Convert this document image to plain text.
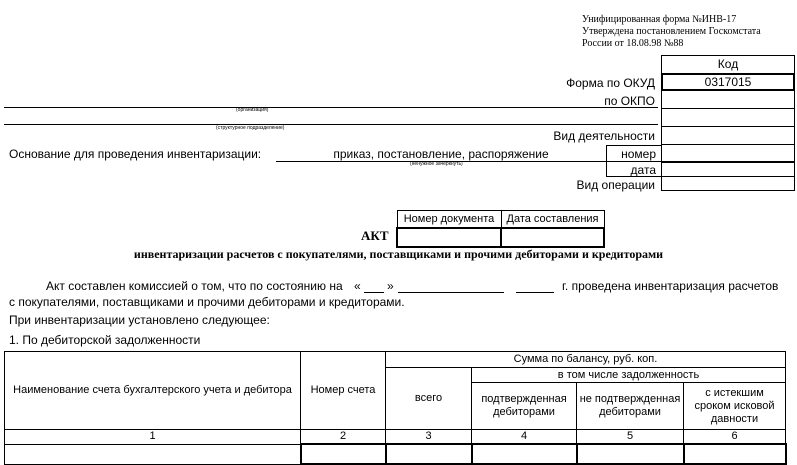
Унифицированная форма №ИНВ-17
Утверждена постановлением Госкомстата
России от 18.08.98 №88
Код
0317015
Форма по ОКУД
по ОКПО
Вид деятельности
Вид операции
номер
дата
(организация)
(структурное подразделение)
Основание для проведения инвентаризации:	приказ, постановление, распоряжение
(ненужное зачеркнуть)
Номер документа	Дата составления

АКТ
инвентаризации расчетов с покупателями, поставщиками и прочими дебиторами и кредиторами
Акт составлен комиссией о том, что по состоянию на « »	г. проведена инвентаризация расчетов
с покупателями, поставщиками и прочими дебиторами и кредиторами.
При инвентаризации установлено следующее:
1. По дебиторской задолженности
Наименование счета бухгалтерского учета и дебитора	Номер счета	Сумма по балансу, руб. коп.			
		всего	в том числе задолженность		
			подтвержденная дебиторами	не подтвержденная дебиторами	с истекшим сроком исковой давности
1	2	3	4	5	6
